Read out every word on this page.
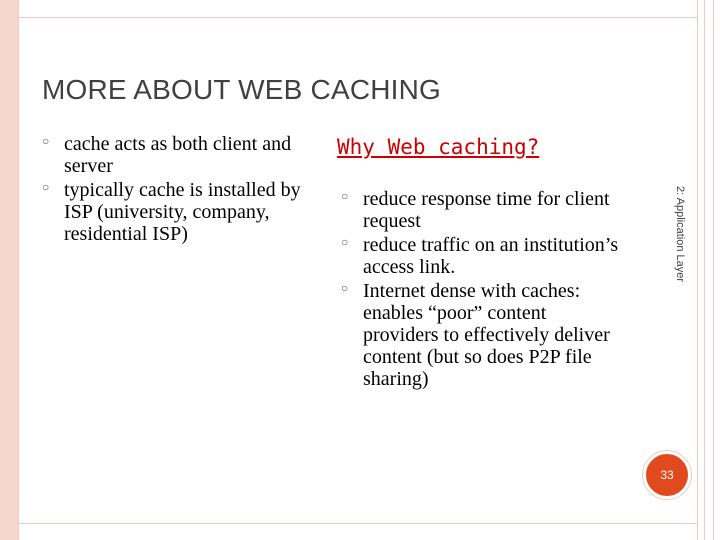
MORE ABOUT WEB CACHING
○ cache acts as both client and server
○ typically cache is installed by ISP (university, company, residential ISP)
Why Web caching?
○ reduce response time for client request
○ reduce traffic on an institution’s access link.
○ Internet dense with caches: enables “poor” content providers to effectively deliver content (but so does P2P file sharing)
2: Application Layer
33
